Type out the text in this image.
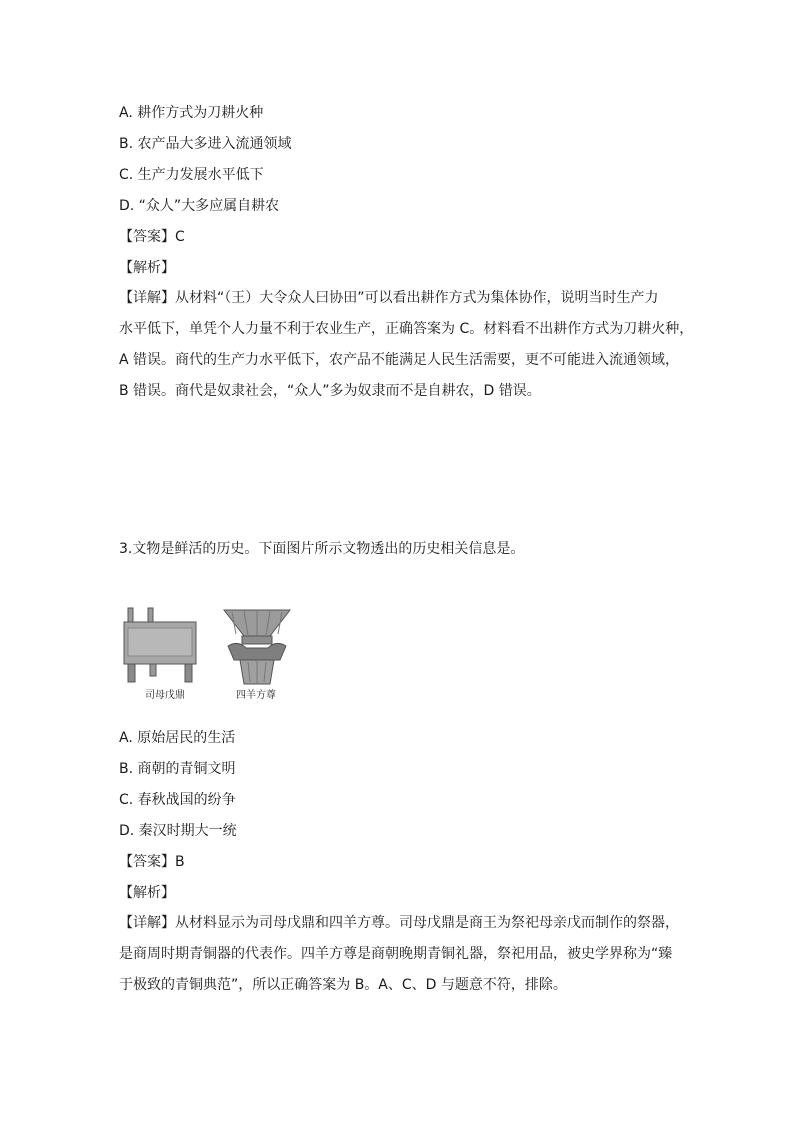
A. 耕作方式为刀耕火种
B. 农产品大多进入流通领域
C. 生产力发展水平低下
D. “众人”大多应属自耕农
【答案】C
【解析】
【详解】从材料“（王）大令众人曰协田”可以看出耕作方式为集体协作，说明当时生产力
水平低下，单凭个人力量不利于农业生产，正确答案为 C。材料看不出耕作方式为刀耕火种，
A 错误。商代的生产力水平低下，农产品不能满足人民生活需要，更不可能进入流通领域，
B 错误。商代是奴隶社会，“众人”多为奴隶而不是自耕农，D 错误。
3.文物是鲜活的历史。下面图片所示文物透出的历史相关信息是。
司母戊鼎	四羊方尊
A. 原始居民的生活
B. 商朝的青铜文明
C. 春秋战国的纷争
D. 秦汉时期大一统
【答案】B
【解析】
【详解】从材料显示为司母戊鼎和四羊方尊。司母戊鼎是商王为祭祀母亲戊而制作的祭器，
是商周时期青铜器的代表作。四羊方尊是商朝晚期青铜礼器，祭祀用品，被史学界称为“臻
于极致的青铜典范”，所以正确答案为 B。A、C、D 与题意不符，排除。
